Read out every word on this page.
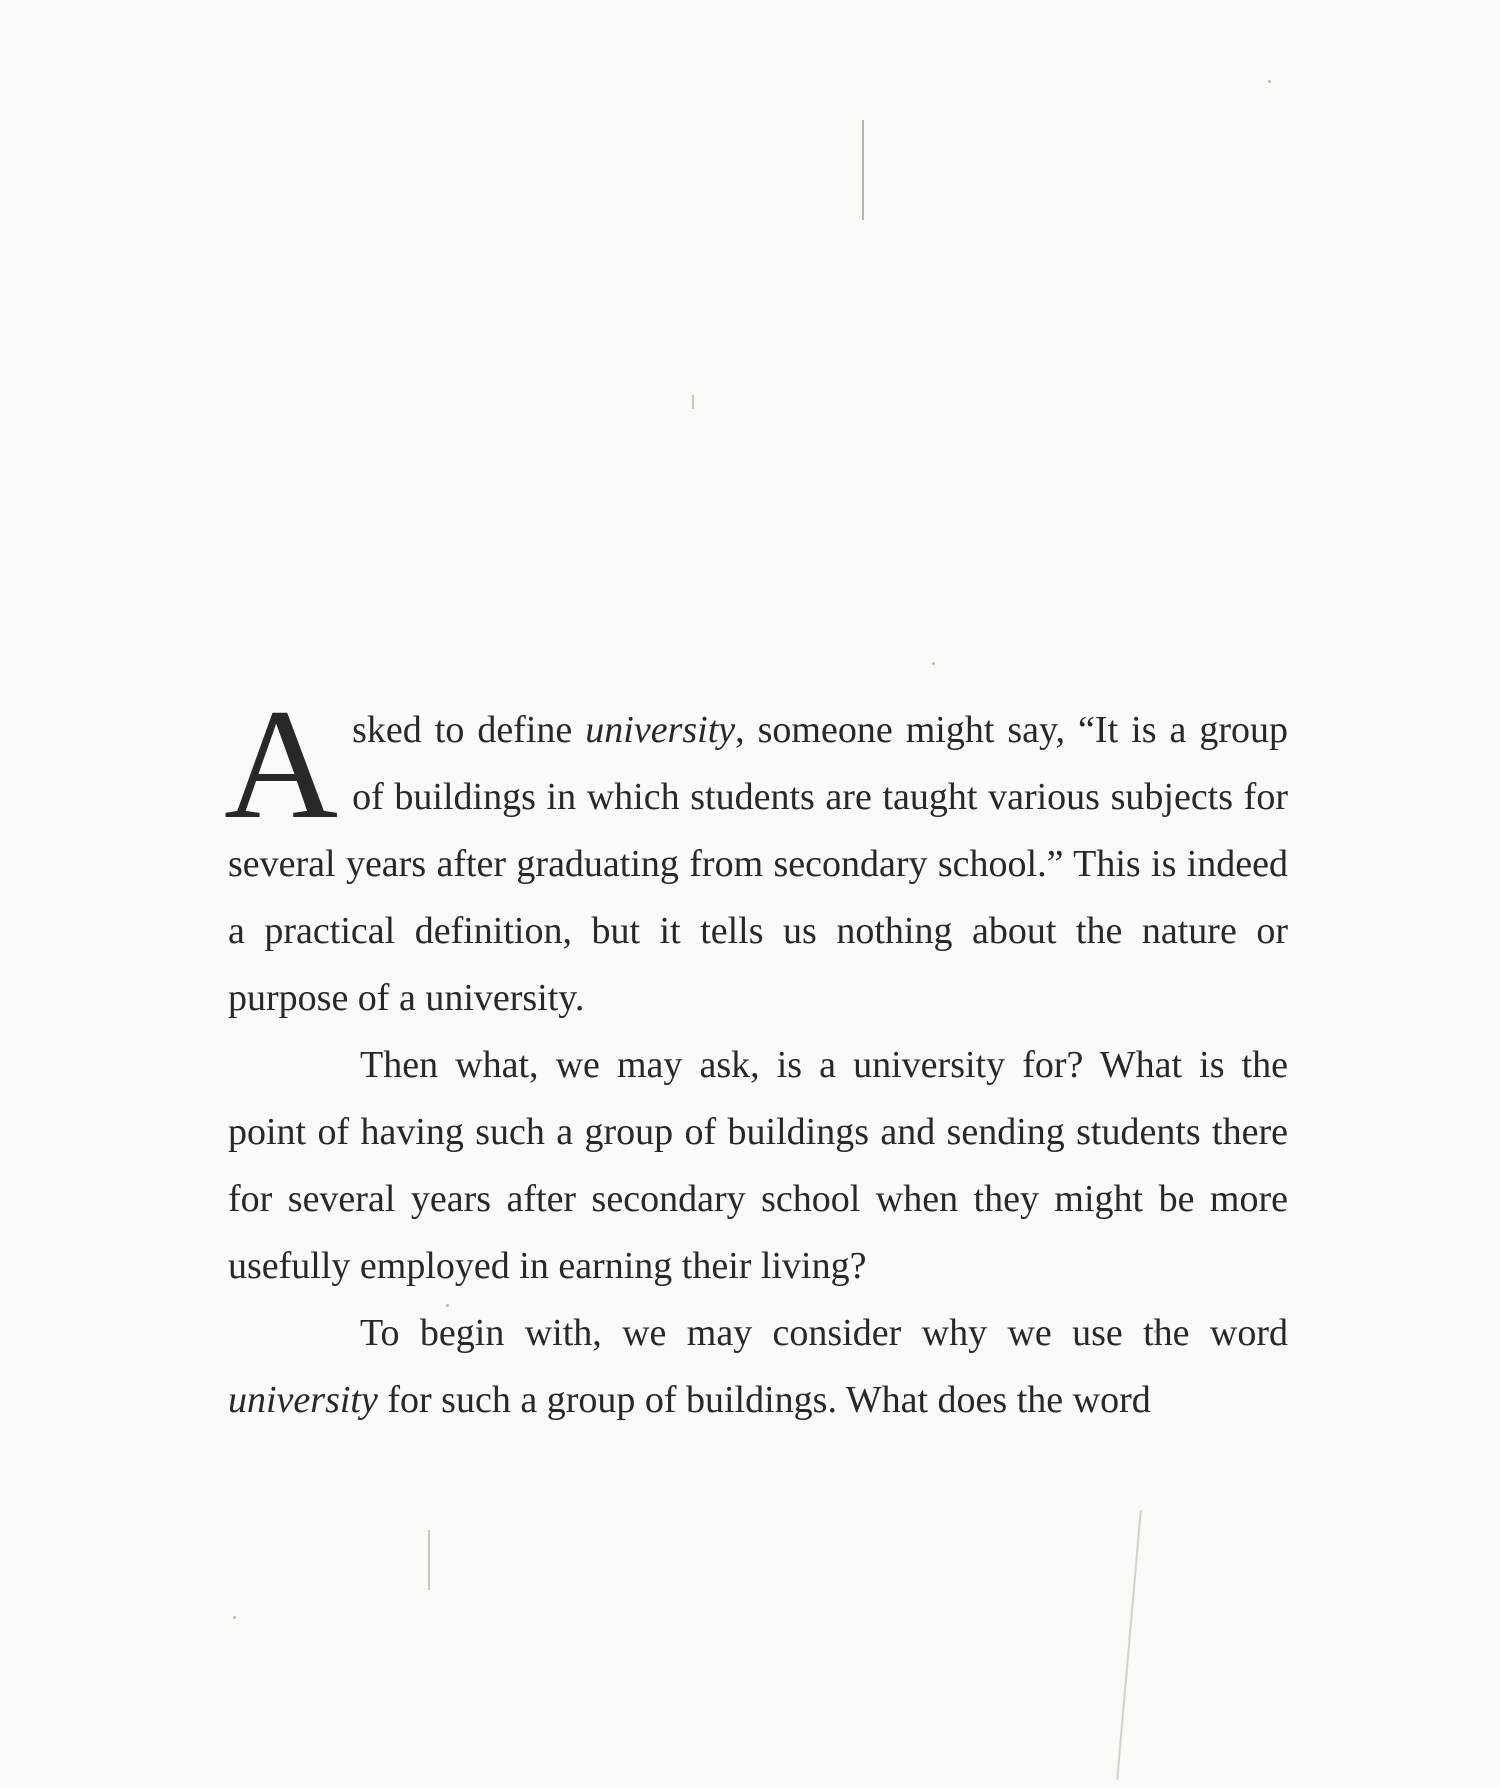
Asked to define university, someone might say, “It is a group of buildings in which students are taught various subjects for several years after graduating from secondary school.” This is indeed a practical definition, but it tells us nothing about the nature or purpose of a university.

Then what, we may ask, is a university for? What is the point of having such a group of buildings and sending students there for several years after secondary school when they might be more usefully employed in earning their living?

To begin with, we may consider why we use the word university for such a group of buildings. What does the word
